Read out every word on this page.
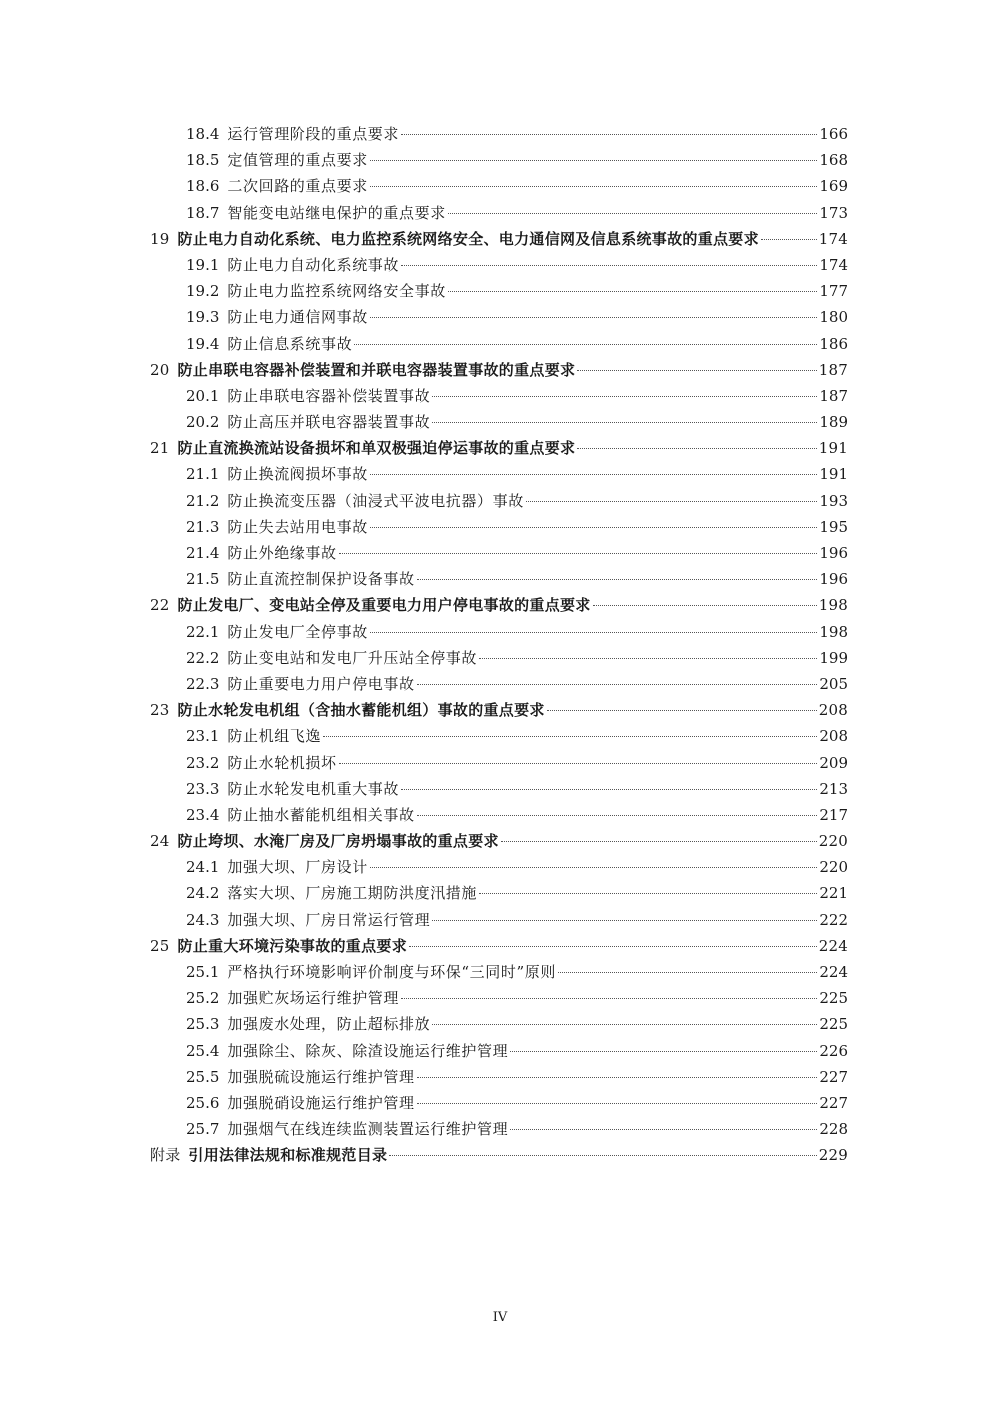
18.4 运行管理阶段的重点要求	166
18.5 定值管理的重点要求	168
18.6 二次回路的重点要求	169
18.7 智能变电站继电保护的重点要求	173
19 防止电力自动化系统、电力监控系统网络安全、电力通信网及信息系统事故的重点要求	174
19.1 防止电力自动化系统事故	174
19.2 防止电力监控系统网络安全事故	177
19.3 防止电力通信网事故	180
19.4 防止信息系统事故	186
20 防止串联电容器补偿装置和并联电容器装置事故的重点要求	187
20.1 防止串联电容器补偿装置事故	187
20.2 防止高压并联电容器装置事故	189
21 防止直流换流站设备损坏和单双极强迫停运事故的重点要求	191
21.1 防止换流阀损坏事故	191
21.2 防止换流变压器（油浸式平波电抗器）事故	193
21.3 防止失去站用电事故	195
21.4 防止外绝缘事故	196
21.5 防止直流控制保护设备事故	196
22 防止发电厂、变电站全停及重要电力用户停电事故的重点要求	198
22.1 防止发电厂全停事故	198
22.2 防止变电站和发电厂升压站全停事故	199
22.3 防止重要电力用户停电事故	205
23 防止水轮发电机组（含抽水蓄能机组）事故的重点要求	208
23.1 防止机组飞逸	208
23.2 防止水轮机损坏	209
23.3 防止水轮发电机重大事故	213
23.4 防止抽水蓄能机组相关事故	217
24 防止垮坝、水淹厂房及厂房坍塌事故的重点要求	220
24.1 加强大坝、厂房设计	220
24.2 落实大坝、厂房施工期防洪度汛措施	221
24.3 加强大坝、厂房日常运行管理	222
25 防止重大环境污染事故的重点要求	224
25.1 严格执行环境影响评价制度与环保“三同时”原则	224
25.2 加强贮灰场运行维护管理	225
25.3 加强废水处理，防止超标排放	225
25.4 加强除尘、除灰、除渣设施运行维护管理	226
25.5 加强脱硫设施运行维护管理	227
25.6 加强脱硝设施运行维护管理	227
25.7 加强烟气在线连续监测装置运行维护管理	228
附录 引用法律法规和标准规范目录	229
IV
